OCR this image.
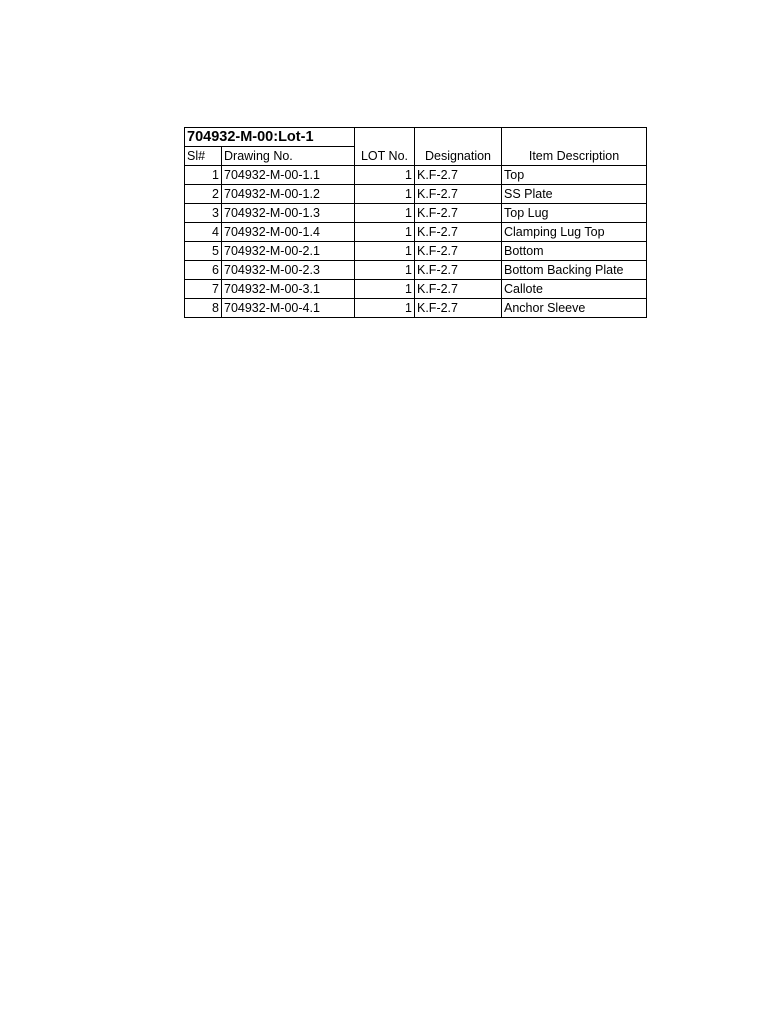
704932-M-00:Lot-1				
Sl#	Drawing No.	LOT No.	Designation	Item Description
1	704932-M-00-1.1	1	K.F-2.7	Top
2	704932-M-00-1.2	1	K.F-2.7	SS Plate
3	704932-M-00-1.3	1	K.F-2.7	Top Lug
4	704932-M-00-1.4	1	K.F-2.7	Clamping Lug Top
5	704932-M-00-2.1	1	K.F-2.7	Bottom
6	704932-M-00-2.3	1	K.F-2.7	Bottom Backing Plate
7	704932-M-00-3.1	1	K.F-2.7	Callote
8	704932-M-00-4.1	1	K.F-2.7	Anchor Sleeve
